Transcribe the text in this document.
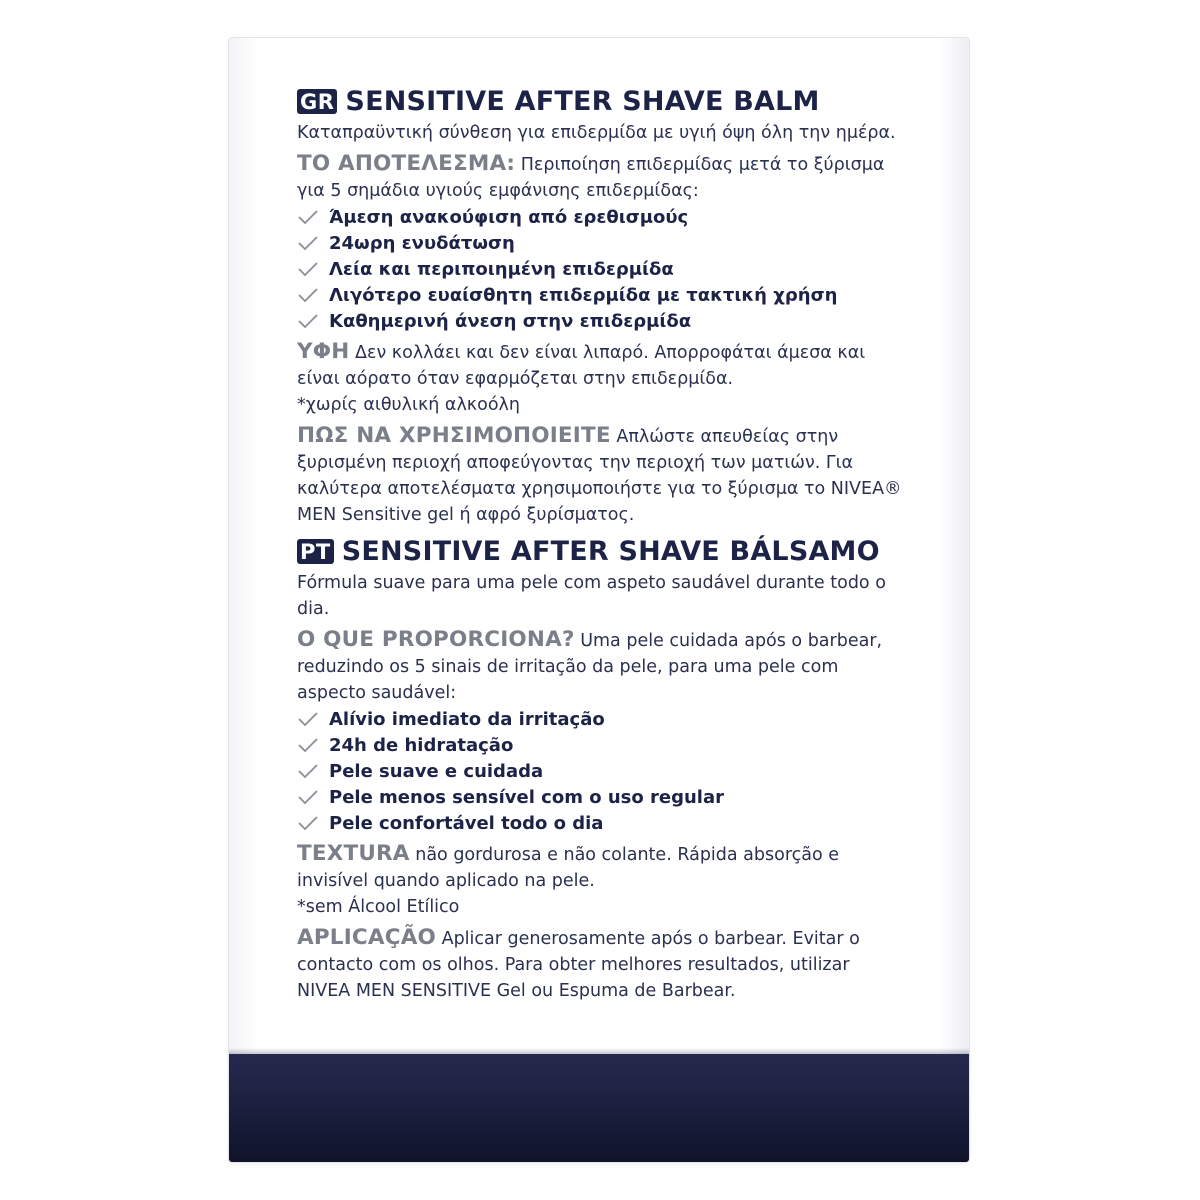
GR SENSITIVE AFTER SHAVE BALM

Καταπραϋντική σύνθεση για επιδερμίδα με υγιή όψη όλη την ημέρα.

ΤΟ ΑΠΟΤΕΛΕΣΜΑ: Περιποίηση επιδερμίδας μετά το ξύρισμα για 5 σημάδια υγιούς εμφάνισης επιδερμίδας:

Άμεση ανακούφιση από ερεθισμούς
24ωρη ενυδάτωση
Λεία και περιποιημένη επιδερμίδα
Λιγότερο ευαίσθητη επιδερμίδα με τακτική χρήση
Καθημερινή άνεση στην επιδερμίδα

ΥΦΗ Δεν κολλάει και δεν είναι λιπαρό. Απορροφάται άμεσα και είναι αόρατο όταν εφαρμόζεται στην επιδερμίδα.

*χωρίς αιθυλική αλκοόλη

ΠΩΣ ΝΑ ΧΡΗΣΙΜΟΠΟΙΕΙΤΕ Απλώστε απευθείας στην ξυρισμένη περιοχή αποφεύγοντας την περιοχή των ματιών. Για καλύτερα αποτελέσματα χρησιμοποιήστε για το ξύρισμα το NIVEA® MEN Sensitive gel ή αφρό ξυρίσματος.

PT SENSITIVE AFTER SHAVE BÁLSAMO

Fórmula suave para uma pele com aspeto saudável durante todo o dia.

O QUE PROPORCIONA? Uma pele cuidada após o barbear, reduzindo os 5 sinais de irritação da pele, para uma pele com aspecto saudável:

Alívio imediato da irritação
24h de hidratação
Pele suave e cuidada
Pele menos sensível com o uso regular
Pele confortável todo o dia

TEXTURA não gordurosa e não colante. Rápida absorção e invisível quando aplicado na pele.

*sem Álcool Etílico

APLICAÇÃO Aplicar generosamente após o barbear. Evitar o contacto com os olhos. Para obter melhores resultados, utilizar NIVEA MEN SENSITIVE Gel ou Espuma de Barbear.
